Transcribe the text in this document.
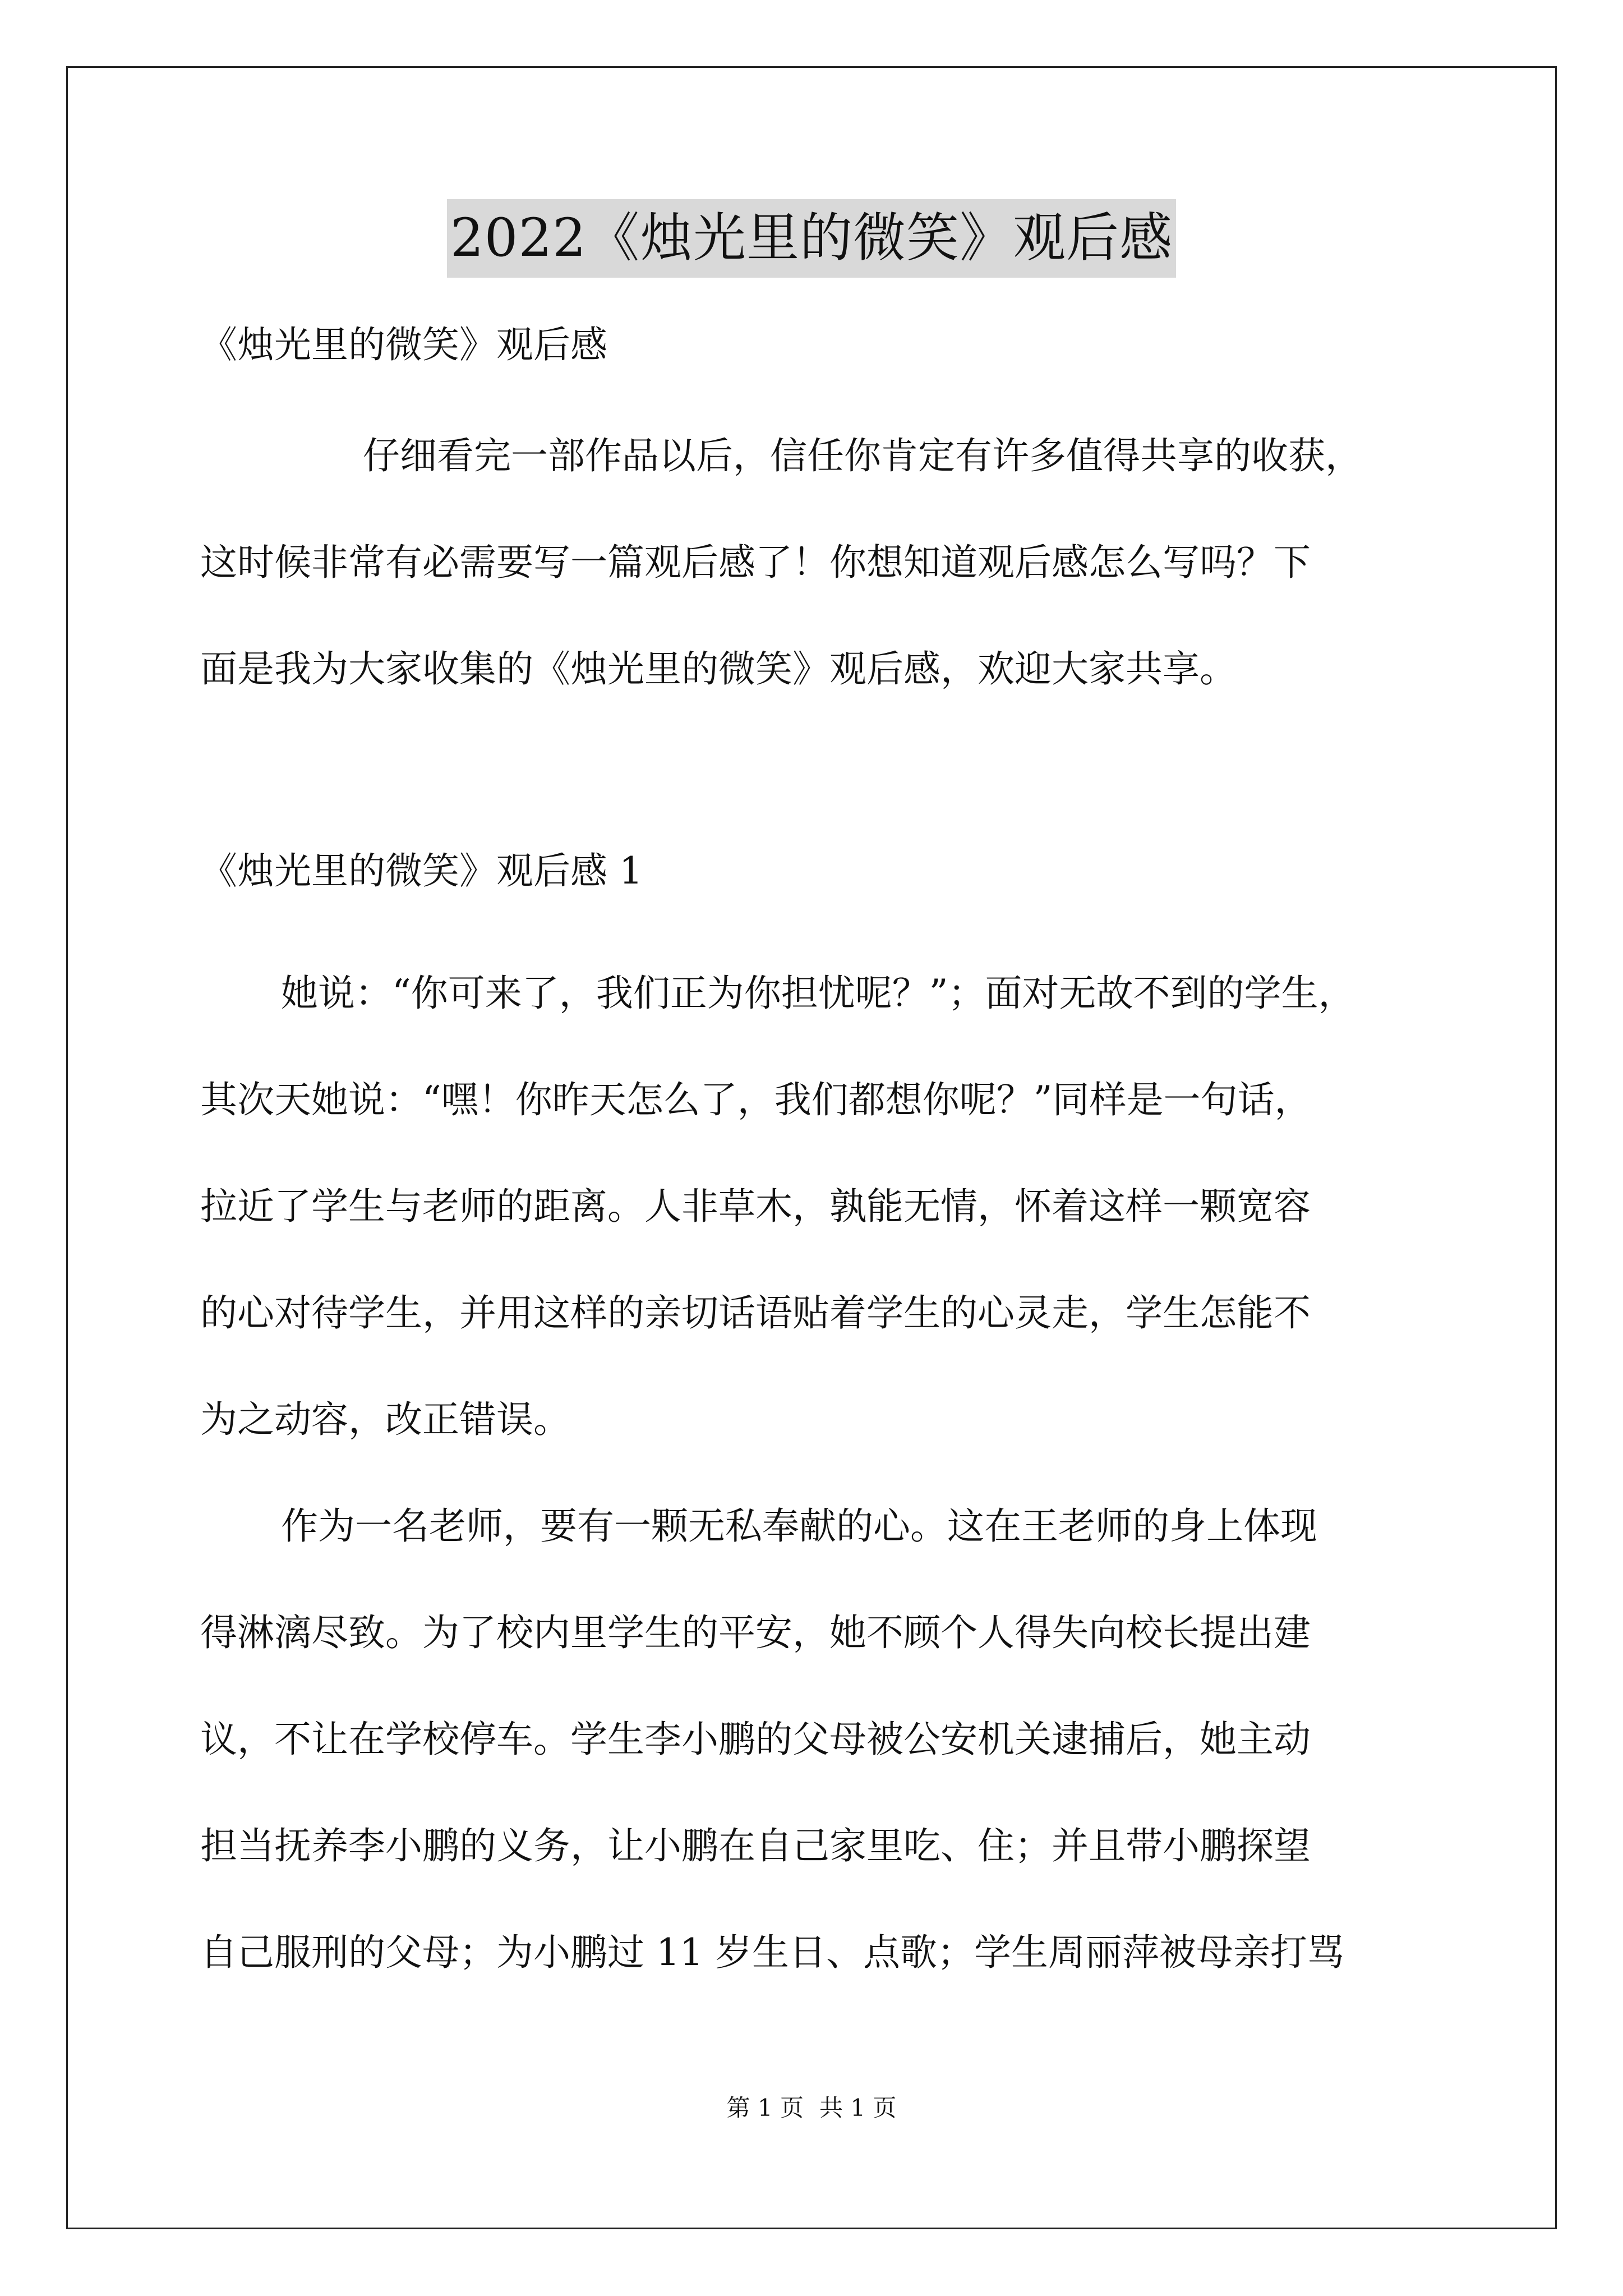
2022《烛光里的微笑》观后感
《烛光里的微笑》观后感
仔细看完一部作品以后，信任你肯定有许多值得共享的收获，
这时候非常有必需要写一篇观后感了！你想知道观后感怎么写吗？下
面是我为大家收集的《烛光里的微笑》观后感，欢迎大家共享。
《烛光里的微笑》观后感 1
她说：“你可来了，我们正为你担忧呢？”；面对无故不到的学生，
其次天她说：“嘿！你昨天怎么了，我们都想你呢？”同样是一句话，
拉近了学生与老师的距离。人非草木，孰能无情，怀着这样一颗宽容
的心对待学生，并用这样的亲切话语贴着学生的心灵走，学生怎能不
为之动容，改正错误。
作为一名老师，要有一颗无私奉献的心。这在王老师的身上体现
得淋漓尽致。为了校内里学生的平安，她不顾个人得失向校长提出建
议，不让在学校停车。学生李小鹏的父母被公安机关逮捕后，她主动
担当抚养李小鹏的义务，让小鹏在自己家里吃、住；并且带小鹏探望
自己服刑的父母；为小鹏过 11 岁生日、点歌；学生周丽萍被母亲打骂
第 1 页 共 1 页
